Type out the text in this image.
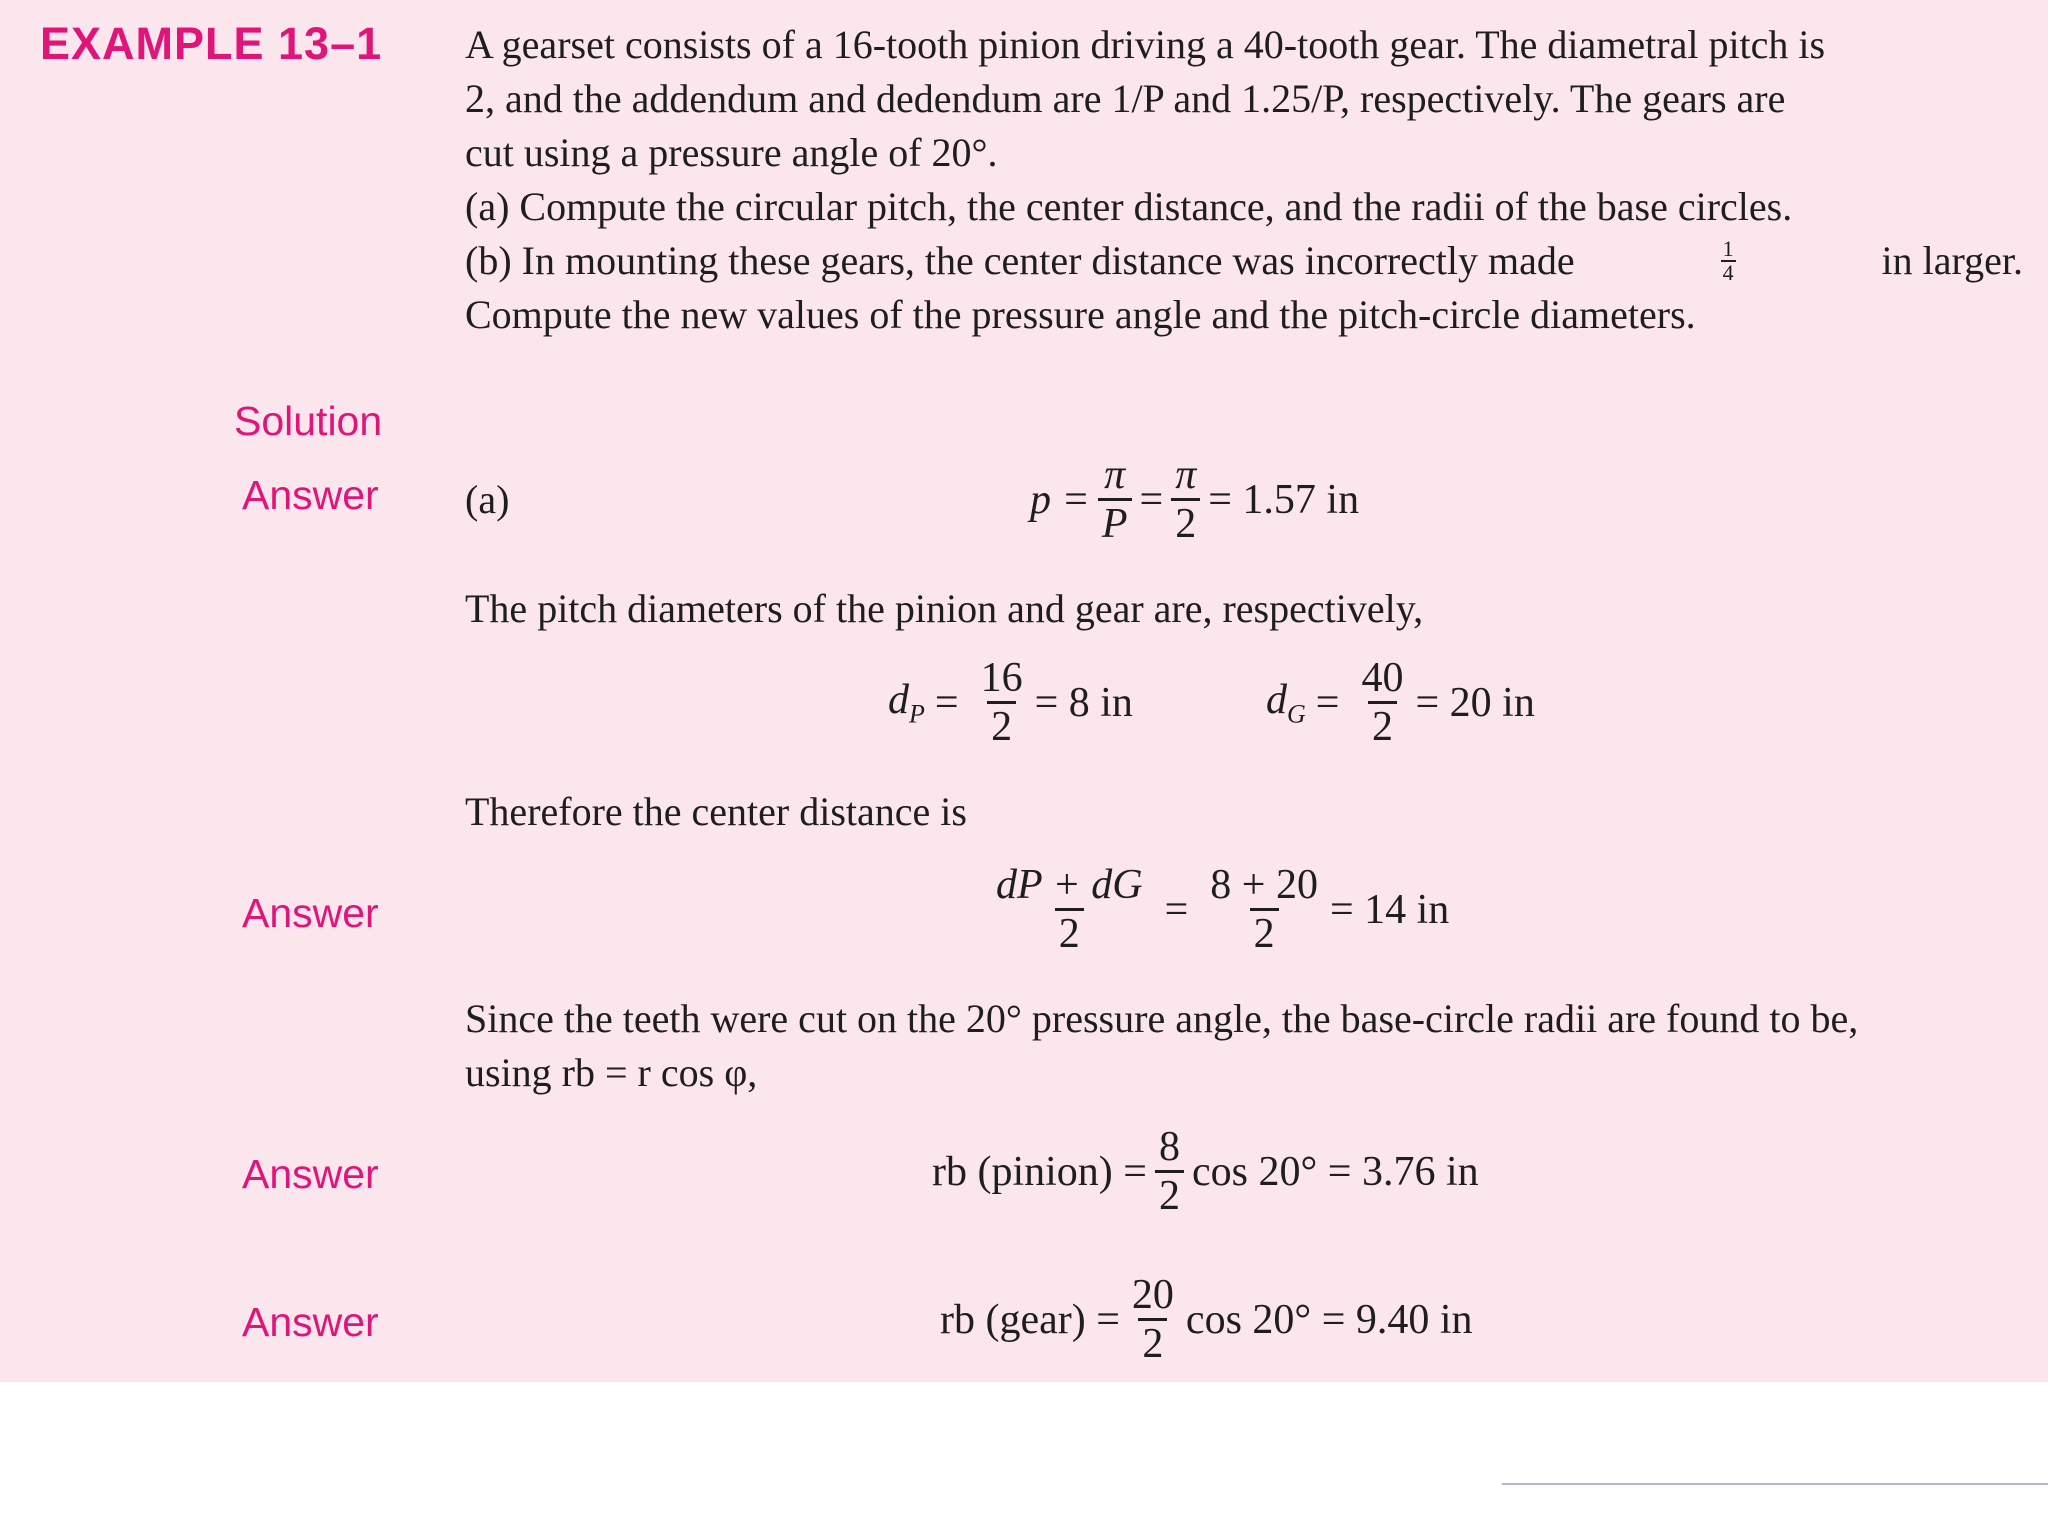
EXAMPLE 13–1 A gearset consists of a 16-tooth pinion driving a 40-tooth gear. The diametral pitch is
2, and the addendum and dedendum are 1/P and 1.25/P, respectively. The gears are
cut using a pressure angle of 20°.
(a) Compute the circular pitch, the center distance, and the radii of the base circles.
(b) In mounting these gears, the center distance was incorrectly made	$\frac{1}{4}$	in larger.
Compute the new values of the pressure angle and the pitch-circle diameters.
Solution
Answer
Answer
Answer
Answer
(a)	$p = \frac{\pi}{P} = \frac{\pi}{2} = 1.57$ in
The pitch diameters of the pinion and gear are, respectively,
$d_P = \frac{16}{2} = 8$ in	$d_G = \frac{40}{2} = 20$ in
Therefore the center distance is
$\frac{dP + dG}{2} = \frac{8 + 20}{2} = 14$ in
Since the teeth were cut on the 20° pressure angle, the base-circle radii are found to be,
using rb = r cos φ,
rb (pinion) = $\frac{8}{2}$ cos 20° = 3.76 in
rb (gear) = $\frac{20}{2}$ cos 20° = 9.40 in
